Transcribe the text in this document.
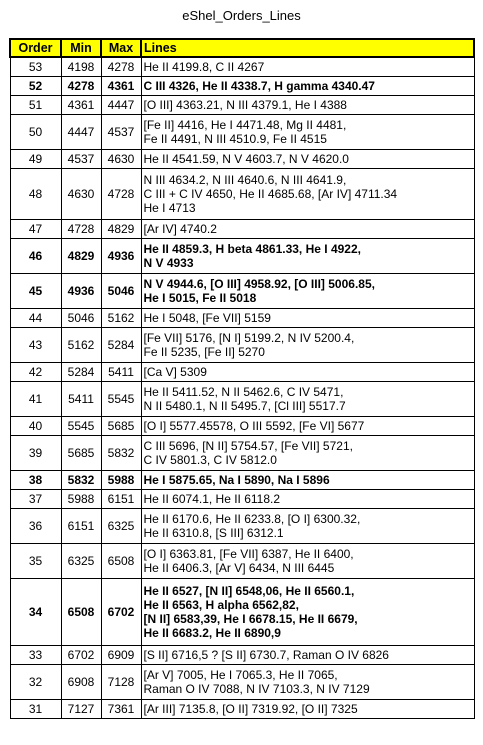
eShel_Orders_Lines
Order	Min	Max	Lines
53	4198	4278	He II 4199.8, C II 4267

52	4278	4361	C III 4326, He II 4338.7, H gamma 4340.47

51	4361	4447	[O III] 4363.21, N III 4379.1, He I 4388

50	4447	4537	[Fe II] 4416, He I 4471.48, Mg II 4481,
Fe II 4491, N III 4510.9, Fe II 4515

49	4537	4630	He II 4541.59, N V 4603.7, N V 4620.0

48	4630	4728	N III 4634.2, N III 4640.6, N III 4641.9,
C III + C IV 4650, He II 4685.68, [Ar IV] 4711.34
He I 4713

47	4728	4829	[Ar IV] 4740.2

46	4829	4936	He II 4859.3, H beta 4861.33, He I 4922,
N V 4933

45	4936	5046	N V 4944.6, [O III] 4958.92, [O III] 5006.85,
He I 5015, Fe II 5018

44	5046	5162	He I 5048, [Fe VII] 5159

43	5162	5284	[Fe VII] 5176, [N I] 5199.2, N IV 5200.4,
Fe II 5235, [Fe II] 5270

42	5284	5411	[Ca V] 5309

41	5411	5545	He II 5411.52, N II 5462.6, C IV 5471,
N II 5480.1, N II 5495.7, [Cl III] 5517.7

40	5545	5685	[O I] 5577.45578, O III 5592, [Fe VI] 5677

39	5685	5832	C III 5696, [N II] 5754.57, [Fe VII] 5721,
C IV 5801.3, C IV 5812.0

38	5832	5988	He I 5875.65, Na I 5890, Na I 5896

37	5988	6151	He II 6074.1, He II 6118.2

36	6151	6325	He II 6170.6, He II 6233.8, [O I] 6300.32,
He II 6310.8, [S III] 6312.1

35	6325	6508	[O I] 6363.81, [Fe VII] 6387, He II 6400,
He II 6406.3, [Ar V] 6434, N III 6445

34	6508	6702	He II 6527, [N II] 6548,06, He II 6560.1,
He II 6563, H alpha 6562,82,
[N II] 6583,39, He I 6678.15, He II 6679,
He II 6683.2, He II 6890,9

33	6702	6909	[S II] 6716,5 ? [S II] 6730.7, Raman O IV 6826

32	6908	7128	[Ar V] 7005, He I 7065.3, He II 7065,
Raman O IV 7088, N IV 7103.3, N IV 7129

31	7127	7361	[Ar III] 7135.8, [O II] 7319.92, [O II] 7325
